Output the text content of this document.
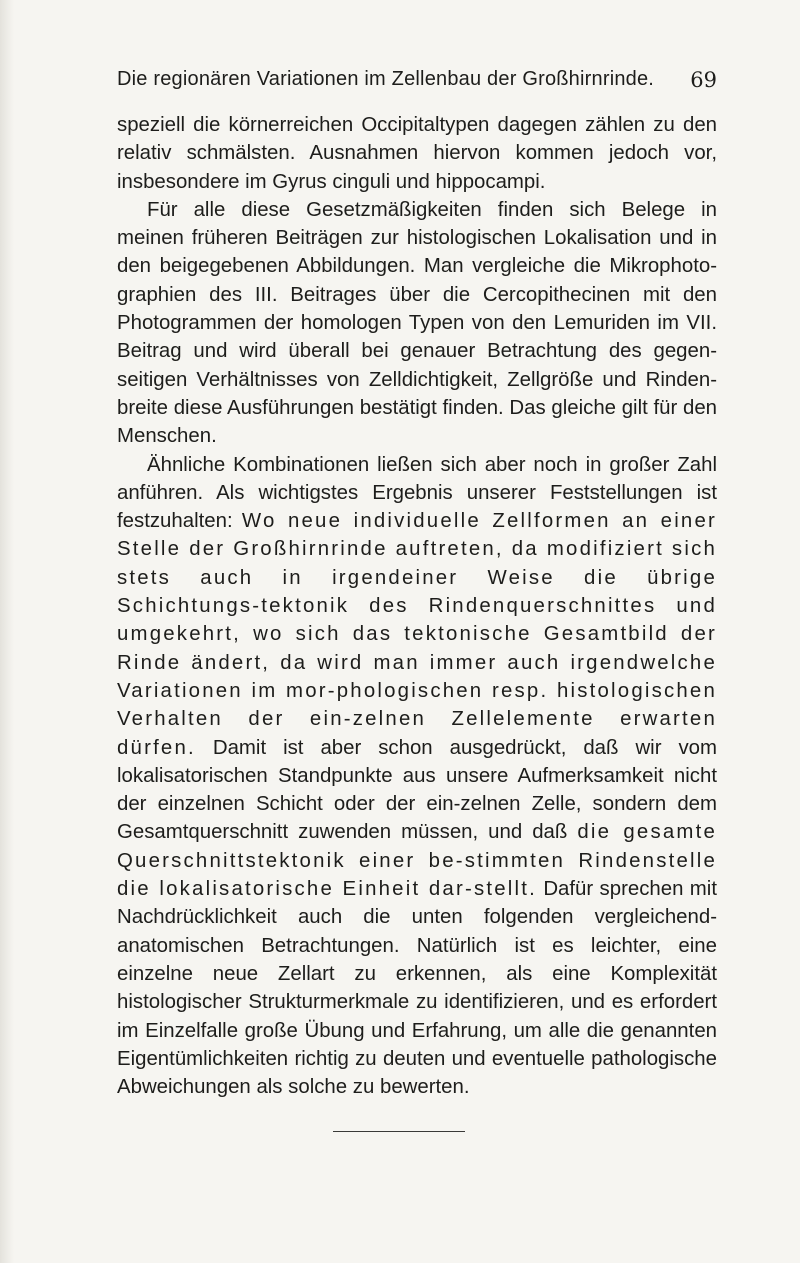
Die regionären Variationen im Zellenbau der Großhirnrinde. 69

speziell die körnerreichen Occipitaltypen dagegen zählen zu den relativ schmälsten. Ausnahmen hiervon kommen jedoch vor, insbesondere im Gyrus cinguli und hippocampi.

Für alle diese Gesetzmäßigkeiten finden sich Belege in meinen früheren Beiträgen zur histologischen Lokalisation und in den beigegebenen Abbildungen. Man vergleiche die Mikrophoto-graphien des III. Beitrages über die Cercopithecinen mit den Photogrammen der homologen Typen von den Lemuriden im VII. Beitrag und wird überall bei genauer Betrachtung des gegen-seitigen Verhältnisses von Zelldichtigkeit, Zellgröße und Rinden-breite diese Ausführungen bestätigt finden. Das gleiche gilt für den Menschen.

Ähnliche Kombinationen ließen sich aber noch in großer Zahl anführen. Als wichtigstes Ergebnis unserer Feststellungen ist festzuhalten: Wo neue individuelle Zellformen an einer Stelle der Großhirnrinde auftreten, da modifiziert sich stets auch in irgendeiner Weise die übrige Schichtungs-tektonik des Rindenquerschnittes und umgekehrt, wo sich das tektonische Gesamtbild der Rinde ändert, da wird man immer auch irgendwelche Variationen im mor-phologischen resp. histologischen Verhalten der ein-zelnen Zellelemente erwarten dürfen. Damit ist aber schon ausgedrückt, daß wir vom lokalisatorischen Standpunkte aus unsere Aufmerksamkeit nicht der einzelnen Schicht oder der ein-zelnen Zelle, sondern dem Gesamtquerschnitt zuwenden müssen, und daß die gesamte Querschnittstektonik einer be-stimmten Rindenstelle die lokalisatorische Einheit dar-stellt. Dafür sprechen mit Nachdrücklichkeit auch die unten folgenden vergleichend-anatomischen Betrachtungen. Natürlich ist es leichter, eine einzelne neue Zellart zu erkennen, als eine Komplexität histologischer Strukturmerkmale zu identifizieren, und es erfordert im Einzelfalle große Übung und Erfahrung, um alle die genannten Eigentümlichkeiten richtig zu deuten und eventuelle pathologische Abweichungen als solche zu bewerten.
